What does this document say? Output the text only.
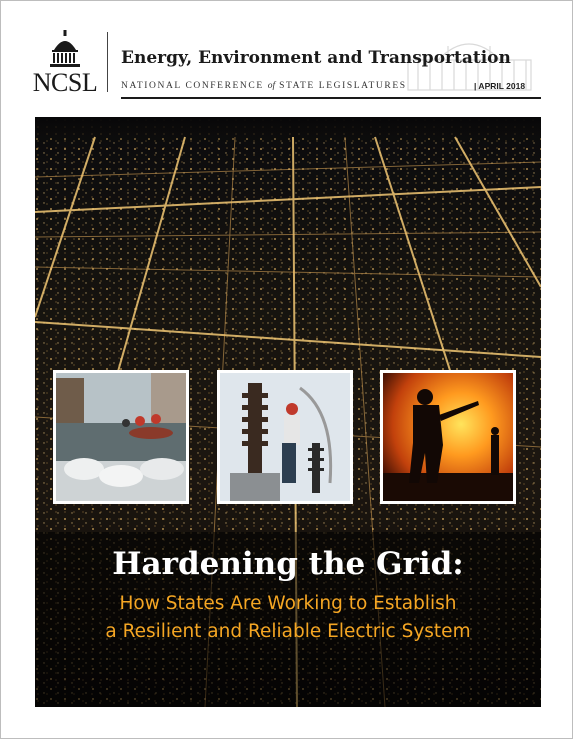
NCSL
Energy, Environment and Transportation
NATIONAL CONFERENCE of STATE LEGISLATURES	| APRIL 2018
Hardening the Grid:
How States Are Working to Establish
a Resilient and Reliable Electric System
